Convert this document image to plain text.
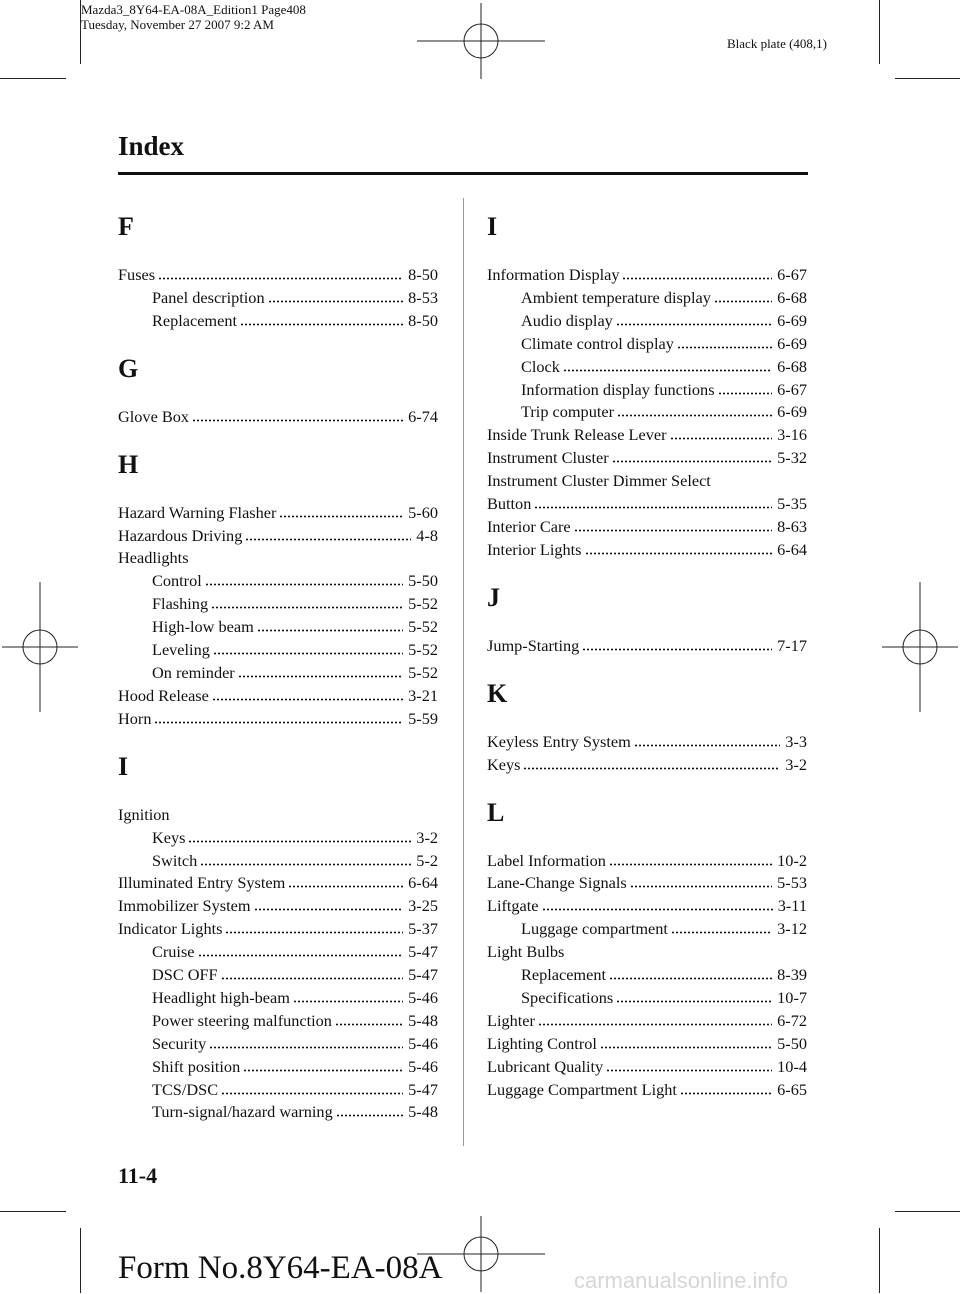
Mazda3_8Y64-EA-08A_Edition1 Page408
Tuesday, November 27 2007 9:2 AM
Black plate (408,1)
Index
F
Fuses	8-50
Panel description	8-53
Replacement	8-50
G
Glove Box	6-74
H
Hazard Warning Flasher	5-60
Hazardous Driving	4-8
Headlights
Control	5-50
Flashing	5-52
High-low beam	5-52
Leveling	5-52
On reminder	5-52
Hood Release	3-21
Horn	5-59
I
Ignition
Keys	3-2
Switch	5-2
Illuminated Entry System	6-64
Immobilizer System	3-25
Indicator Lights	5-37
Cruise	5-47
DSC OFF	5-47
Headlight high-beam	5-46
Power steering malfunction	5-48
Security	5-46
Shift position	5-46
TCS/DSC	5-47
Turn-signal/hazard warning	5-48
I
Information Display	6-67
Ambient temperature display	6-68
Audio display	6-69
Climate control display	6-69
Clock	6-68
Information display functions	6-67
Trip computer	6-69
Inside Trunk Release Lever	3-16
Instrument Cluster	5-32
Instrument Cluster Dimmer Select
Button	5-35
Interior Care	8-63
Interior Lights	6-64
J
Jump-Starting	7-17
K
Keyless Entry System	3-3
Keys	3-2
L
Label Information	10-2
Lane-Change Signals	5-53
Liftgate	3-11
Luggage compartment	3-12
Light Bulbs
Replacement	8-39
Specifications	10-7
Lighter	6-72
Lighting Control	5-50
Lubricant Quality	10-4
Luggage Compartment Light	6-65
11-4
Form No.8Y64-EA-08A	carmanualsonline.info
